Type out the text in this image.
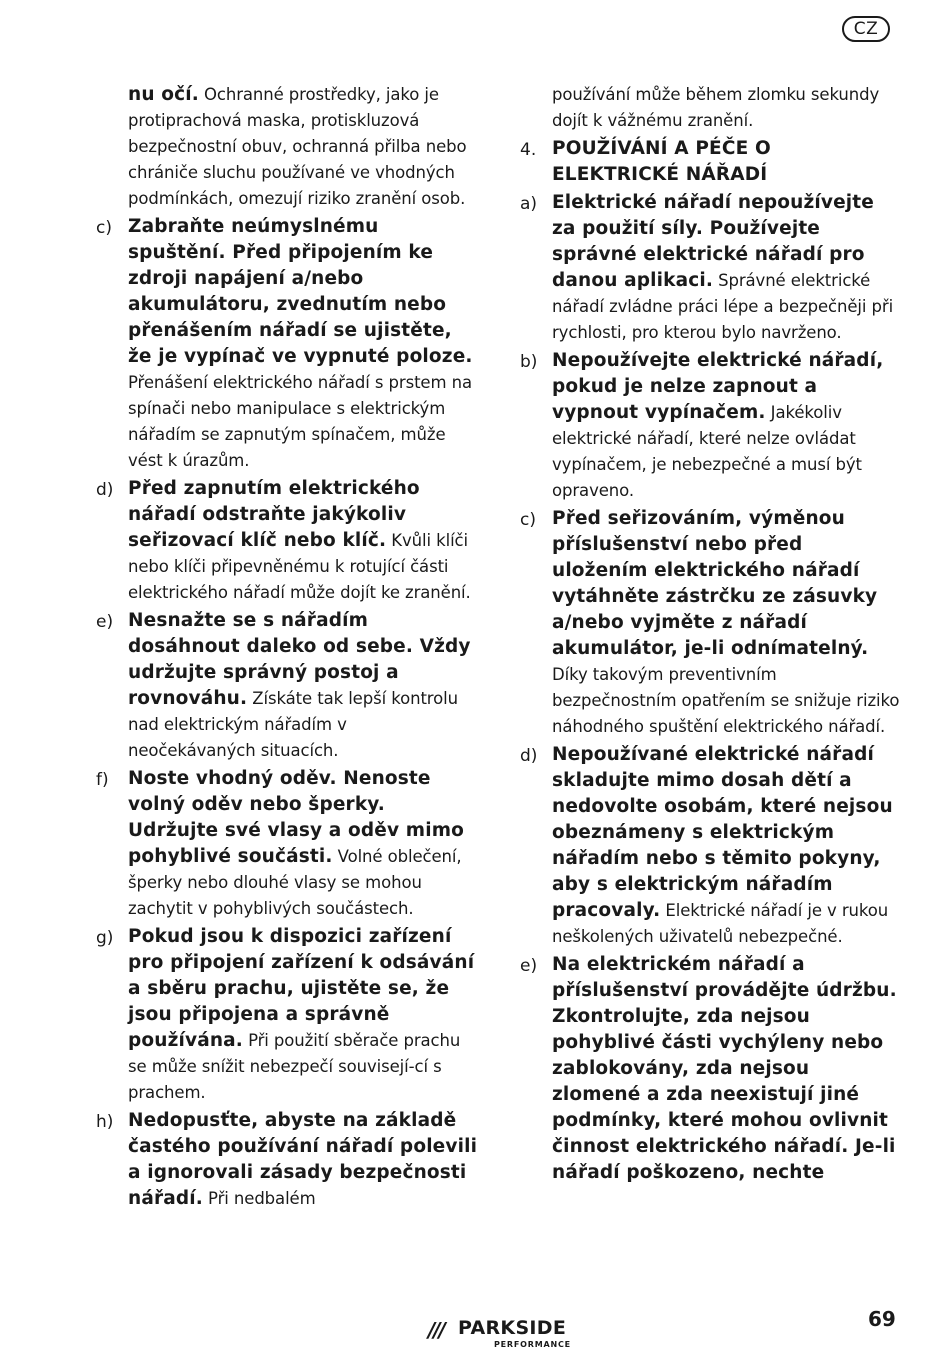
CZ
nu očí. Ochranné prostředky, jako je protiprachová maska, protiskluzová bezpečnostní obuv, ochranná přilba nebo chrániče sluchu používané ve vhodných podmínkách, omezují riziko zranění osob.
c) Zabraňte neúmyslnému spuštění. Před připojením ke zdroji napájení a/nebo akumulátoru, zvednutím nebo přenášením nářadí se ujistěte, že je vypínač ve vypnuté poloze. Přenášení elektrického nářadí s prstem na spínači nebo manipulace s elektrickým nářadím se zapnutým spínačem, může vést k úrazům.
d) Před zapnutím elektrického nářadí odstraňte jakýkoliv seřizovací klíč nebo klíč. Kvůli klíči nebo klíči připevněnému k rotující části elektrického nářadí může dojít ke zranění.
e) Nesnažte se s nářadím dosáhnout daleko od sebe. Vždy udržujte správný postoj a rovnováhu. Získáte tak lepší kontrolu nad elektrickým nářadím v neočekávaných situacích.
f)	Noste vhodný oděv. Nenoste volný oděv nebo šperky. Udržujte své vlasy a oděv mimo pohyblivé součásti. Volné oblečení, šperky nebo dlouhé vlasy se mohou zachytit v pohyblivých součástech.
g) Pokud jsou k dispozici zařízení pro připojení zařízení k odsávání a sběru prachu, ujistěte se, že jsou připojena a správně používána. Při použití sběrače prachu se může snížit nebezpečí souvisejí-cí s prachem.
h) Nedopusťte, abyste na základě častého používání nářadí polevili a ignorovali zásady bezpečnosti nářadí. Při nedbalém
používání může během zlomku sekundy dojít k vážnému zranění.
4. POUŽÍVÁNÍ A PÉČE O ELEKTRICKÉ NÁŘADÍ
a) Elektrické nářadí nepoužívejte za použití síly. Používejte správné elektrické nářadí pro danou aplikaci. Správné elektrické nářadí zvládne práci lépe a bezpečněji při rychlosti, pro kterou bylo navrženo.
b) Nepoužívejte elektrické nářadí, pokud je nelze zapnout a vypnout vypínačem. Jakékoliv elektrické nářadí, které nelze ovládat vypínačem, je nebezpečné a musí být opraveno.
c) Před seřizováním, výměnou příslušenství nebo před uložením elektrického nářadí vytáhněte zástrčku ze zásuvky a/nebo vyjměte z nářadí akumulátor, je-li odnímatelný. Díky takovým preventivním bezpečnostním opatřením se snižuje riziko náhodného spuštění elektrického nářadí.
d) Nepoužívané elektrické nářadí skladujte mimo dosah dětí a nedovolte osobám, které nejsou obeznámeny s elektrickým nářadím nebo s těmito pokyny, aby s elektrickým nářadím pracovaly. Elektrické nářadí je v rukou neškolených uživatelů nebezpečné.
e) Na elektrickém nářadí a příslušenství provádějte údržbu. Zkontrolujte, zda nejsou pohyblivé části vychýleny nebo zablokovány, zda nejsou zlomené a zda neexistují jiné podmínky, které mohou ovlivnit činnost elektrického nářadí. Je-li nářadí poškozeno, nechte
/// PARKSIDE
PERFORMANCE
69
